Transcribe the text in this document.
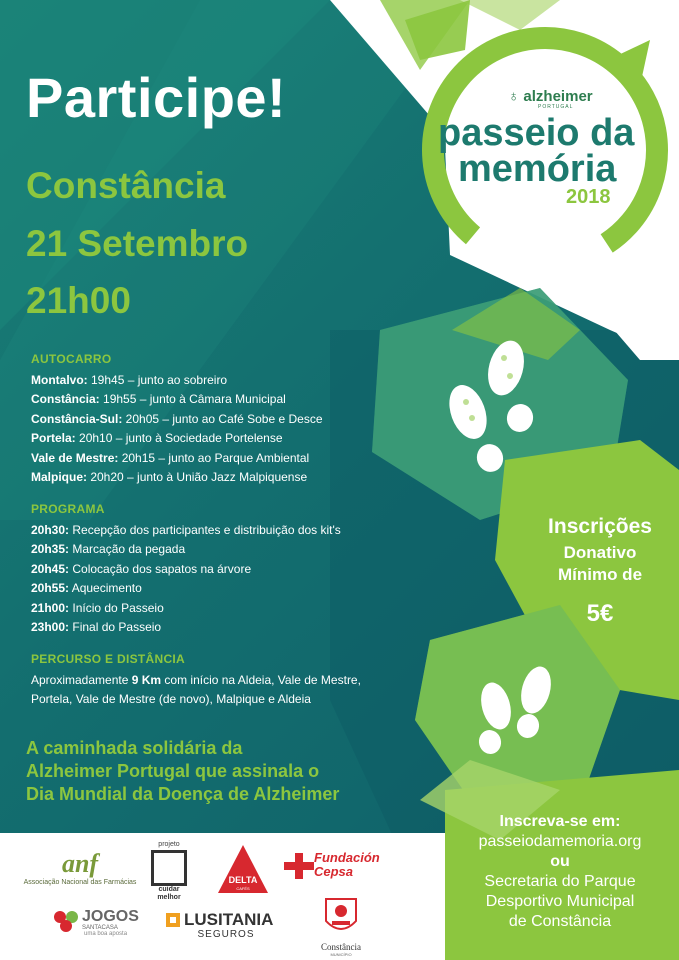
Participe!
Constância
21 Setembro
21h00
♁ alzheimer
PORTUGAL
passeio da
memória
2018
AUTOCARRO
Montalvo: 19h45 – junto ao sobreiro
Constância: 19h55 – junto à Câmara Municipal
Constância-Sul: 20h05 – junto ao Café Sobe e Desce
Portela: 20h10 – junto à Sociedade Portelense
Vale de Mestre: 20h15 – junto ao Parque Ambiental
Malpique: 20h20 – junto à União Jazz Malpiquense
PROGRAMA
20h30: Recepção dos participantes e distribuição dos kit's
20h35: Marcação da pegada
20h45: Colocação dos sapatos na árvore
20h55: Aquecimento
21h00: Início do Passeio
23h00: Final do Passeio
PERCURSO E DISTÂNCIA
Aproximadamente 9 Km com início na Aldeia, Vale de Mestre,
Portela, Vale de Mestre (de novo), Malpique e Aldeia
A caminhada solidária da
Alzheimer Portugal que assinala o
Dia Mundial da Doença de Alzheimer
Inscrições
Donativo
Mínimo de
5€
Inscreva-se em:
passeiodamemoria.org
ou
Secretaria do Parque
Desportivo Municipal
de Constância
anf
Associação Nacional das Farmácias
projeto
cuidar
melhor
DELTA
CAFÉS
Fundación
Cepsa
JOGOS
SANTACASA
uma boa aposta
LUSITANIA
SEGUROS
Constância
MUNICÍPIO
